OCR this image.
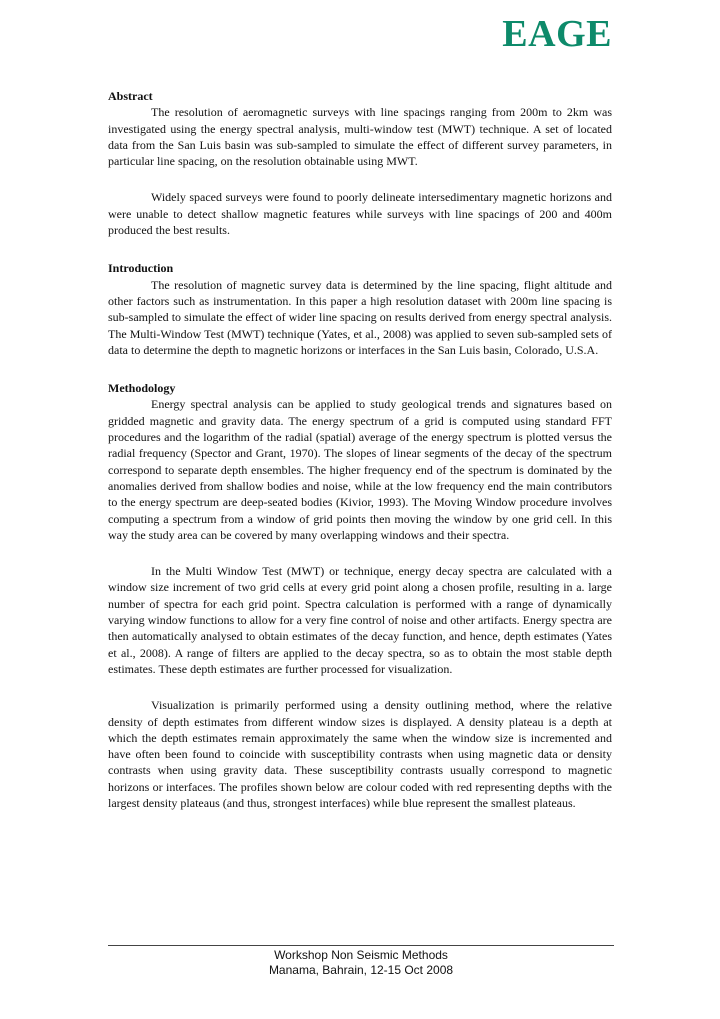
EAGE
Abstract

The resolution of aeromagnetic surveys with line spacings ranging from 200m to 2km was investigated using the energy spectral analysis, multi-window test (MWT) technique. A set of located data from the San Luis basin was sub-sampled to simulate the effect of different survey parameters, in particular line spacing, on the resolution obtainable using MWT.

Widely spaced surveys were found to poorly delineate intersedimentary magnetic horizons and were unable to detect shallow magnetic features while surveys with line spacings of 200 and 400m produced the best results.

Introduction

The resolution of magnetic survey data is determined by the line spacing, flight altitude and other factors such as instrumentation. In this paper a high resolution dataset with 200m line spacing is sub-sampled to simulate the effect of wider line spacing on results derived from energy spectral analysis. The Multi-Window Test (MWT) technique (Yates, et al., 2008) was applied to seven sub-sampled sets of data to determine the depth to magnetic horizons or interfaces in the San Luis basin, Colorado, U.S.A.

Methodology

Energy spectral analysis can be applied to study geological trends and signatures based on gridded magnetic and gravity data. The energy spectrum of a grid is computed using standard FFT procedures and the logarithm of the radial (spatial) average of the energy spectrum is plotted versus the radial frequency (Spector and Grant, 1970). The slopes of linear segments of the decay of the spectrum correspond to separate depth ensembles. The higher frequency end of the spectrum is dominated by the anomalies derived from shallow bodies and noise, while at the low frequency end the main contributors to the energy spectrum are deep-seated bodies (Kivior, 1993). The Moving Window procedure involves computing a spectrum from a window of grid points then moving the window by one grid cell. In this way the study area can be covered by many overlapping windows and their spectra.

In the Multi Window Test (MWT) or technique, energy decay spectra are calculated with a window size increment of two grid cells at every grid point along a chosen profile, resulting in a. large number of spectra for each grid point. Spectra calculation is performed with a range of dynamically varying window functions to allow for a very fine control of noise and other artifacts. Energy spectra are then automatically analysed to obtain estimates of the decay function, and hence, depth estimates (Yates et al., 2008). A range of filters are applied to the decay spectra, so as to obtain the most stable depth estimates. These depth estimates are further processed for visualization.

Visualization is primarily performed using a density outlining method, where the relative density of depth estimates from different window sizes is displayed. A density plateau is a depth at which the depth estimates remain approximately the same when the window size is incremented and have often been found to coincide with susceptibility contrasts when using magnetic data or density contrasts when using gravity data. These susceptibility contrasts usually correspond to magnetic horizons or interfaces. The profiles shown below are colour coded with red representing depths with the largest density plateaus (and thus, strongest interfaces) while blue represent the smallest plateaus.

Workshop Non Seismic Methods
Manama, Bahrain, 12-15 Oct 2008
